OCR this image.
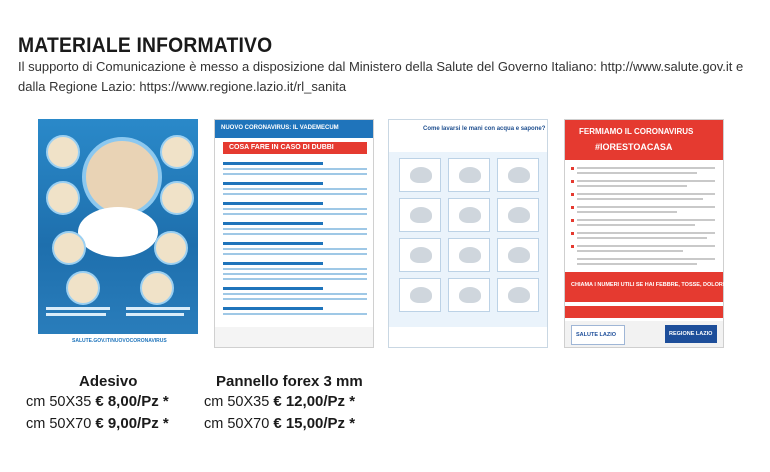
MATERIALE INFORMATIVO
Il supporto di Comunicazione è messo a disposizione dal Ministero della Salute del Governo Italiano: http://www.salute.gov.it e dalla Regione Lazio: https://www.regione.lazio.it/rl_sanita
SALUTE.GOV.IT/NUOVOCORONAVIRUS
NUOVO CORONAVIRUS: IL VADEMECUM
COSA FARE IN CASO DI DUBBI
Come lavarsi le mani con acqua e sapone?	FERMIAMO IL CORONAVIRUS
#IORESTOACASA
CHIAMA I NUMERI UTILI SE HAI FEBBRE, TOSSE, DOLORI MUSCOLARI
SALUTE LAZIO	REGIONE LAZIO
Adesivo
cm 50X35 € 8,00/Pz *
cm 50X70 € 9,00/Pz *
Pannello forex 3 mm
cm 50X35 € 12,00/Pz *
cm 50X70 € 15,00/Pz *
